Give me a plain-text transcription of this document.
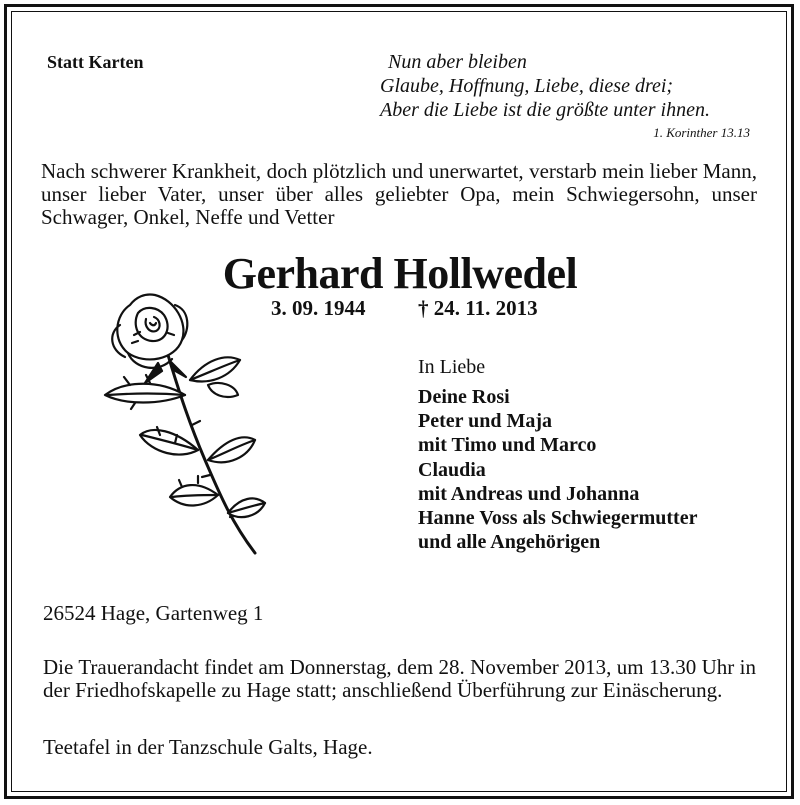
Statt Karten	Nun aber bleiben
Glaube, Hoffnung, Liebe, diese drei;
Aber die Liebe ist die größte unter ihnen.
1. Korinther 13.13
Nach schwerer Krankheit, doch plötzlich und unerwartet, verstarb mein lieber Mann, unser lieber Vater, unser über alles geliebter Opa, mein Schwiegersohn, unser Schwager, Onkel, Neffe und Vetter
Gerhard Hollwedel
3. 09. 1944	† 24. 11. 2013
In Liebe
Deine Rosi
Peter und Maja
mit Timo und Marco
Claudia
mit Andreas und Johanna
Hanne Voss als Schwiegermutter
und alle Angehörigen
26524 Hage, Gartenweg 1
Die Trauerandacht findet am Donnerstag, dem 28. November 2013, um 13.30 Uhr in der Friedhofskapelle zu Hage statt; anschließend Überführung zur Einäscherung.
Teetafel in der Tanzschule Galts, Hage.
